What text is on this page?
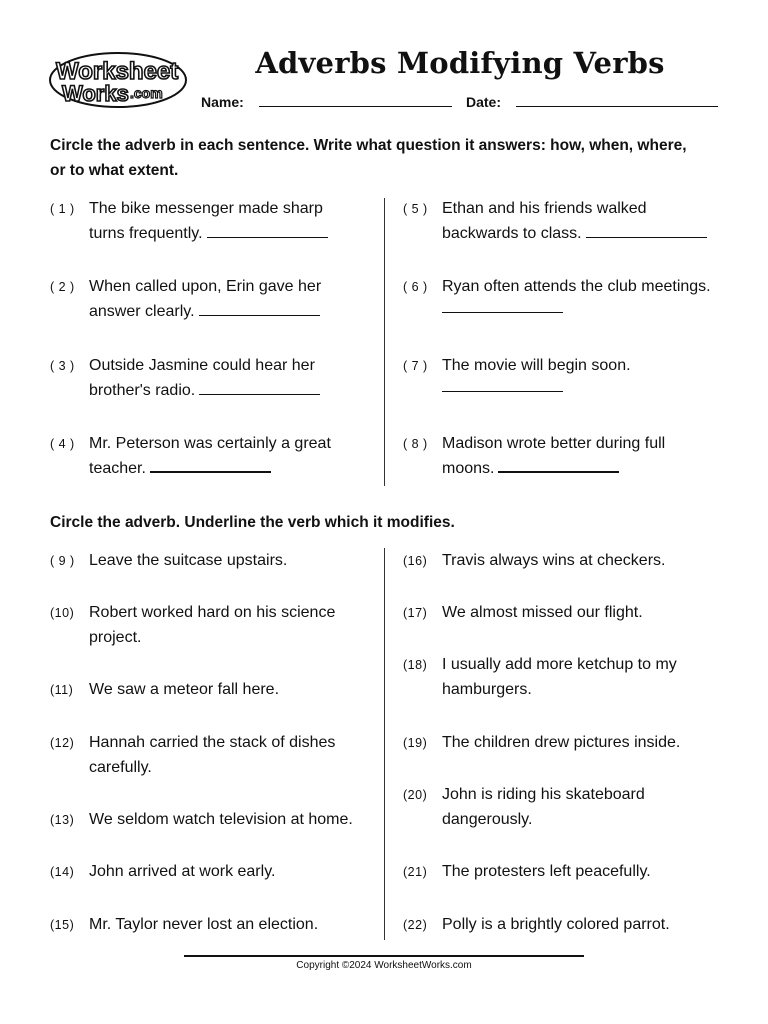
Worksheet
Works .com
Adverbs Modifying Verbs
Name:	Date:

Circle the adverb in each sentence. Write what question it answers: how, when, where, or to what extent.

( 1 ) The bike messenger made sharp
turns frequently.

( 2 ) When called upon, Erin gave her
answer clearly.

( 3 ) Outside Jasmine could hear her
brother's radio.

( 4 ) Mr. Peterson was certainly a great
teacher.

( 5 ) Ethan and his friends walked
backwards to class.

( 6 ) Ryan often attends the club meetings.

( 7 ) The movie will begin soon.

( 8 ) Madison wrote better during full
moons.

Circle the adverb. Underline the verb which it modifies.

( 9 ) Leave the suitcase upstairs.

(10) Robert worked hard on his science project.

(11) We saw a meteor fall here.

(12) Hannah carried the stack of dishes carefully.

(13) We seldom watch television at home.

(14) John arrived at work early.

(15) Mr. Taylor never lost an election.

(16) Travis always wins at checkers.

(17) We almost missed our flight.

(18) I usually add more ketchup to my hamburgers.

(19) The children drew pictures inside.

(20) John is riding his skateboard dangerously.

(21) The protesters left peacefully.

(22) Polly is a brightly colored parrot.

Copyright ©2024 WorksheetWorks.com
